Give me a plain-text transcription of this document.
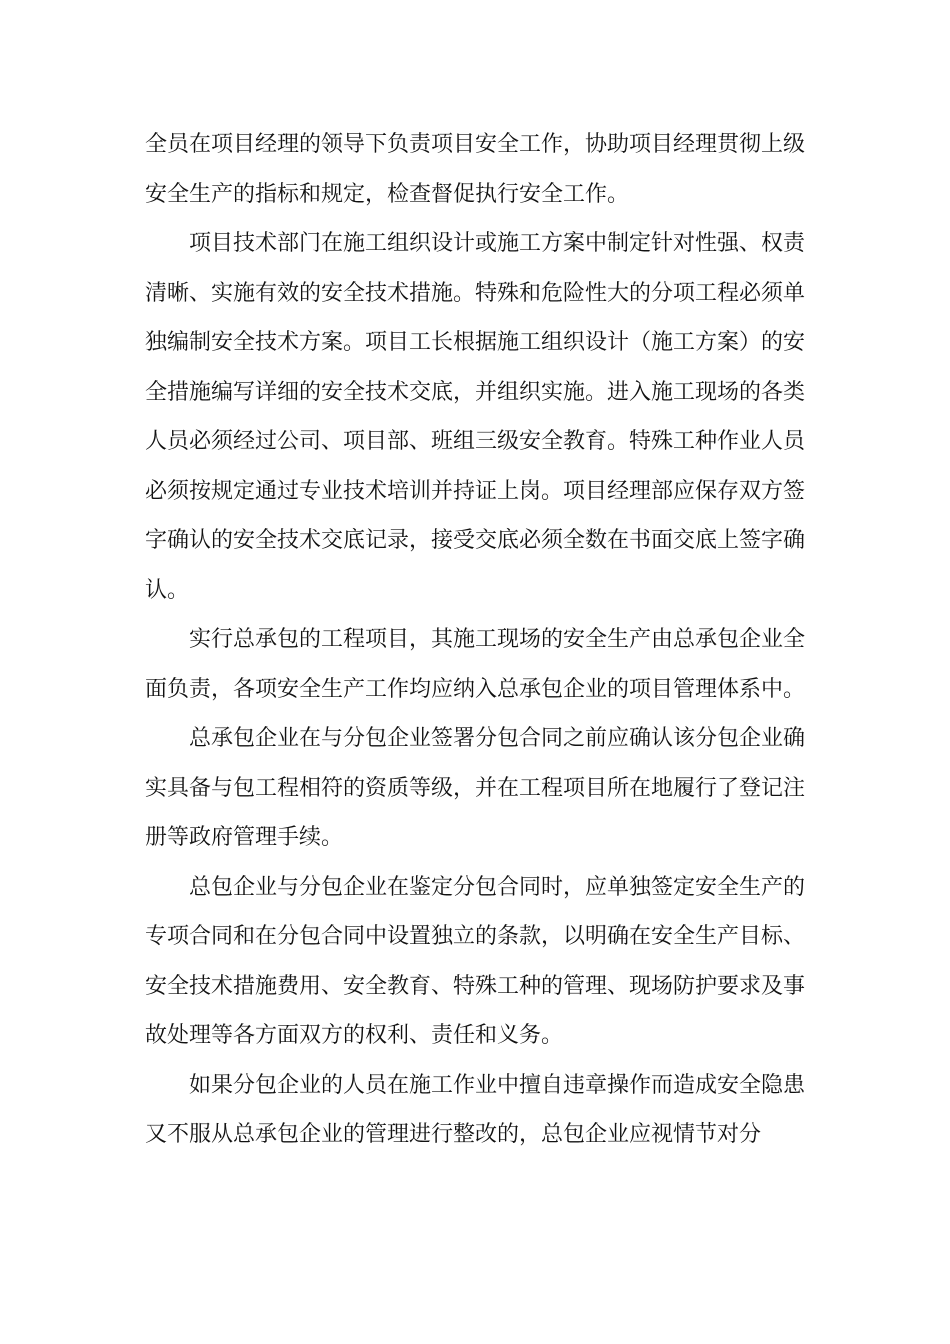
全员在项目经理的领导下负责项目安全工作，协助项目经理贯彻上级安全生产的指标和规定，检查督促执行安全工作。

项目技术部门在施工组织设计或施工方案中制定针对性强、权责清晰、实施有效的安全技术措施。特殊和危险性大的分项工程必须单独编制安全技术方案。项目工长根据施工组织设计（施工方案）的安全措施编写详细的安全技术交底，并组织实施。进入施工现场的各类人员必须经过公司、项目部、班组三级安全教育。特殊工种作业人员必须按规定通过专业技术培训并持证上岗。项目经理部应保存双方签字确认的安全技术交底记录，接受交底必须全数在书面交底上签字确认。

实行总承包的工程项目，其施工现场的安全生产由总承包企业全面负责，各项安全生产工作均应纳入总承包企业的项目管理体系中。

总承包企业在与分包企业签署分包合同之前应确认该分包企业确实具备与包工程相符的资质等级，并在工程项目所在地履行了登记注册等政府管理手续。

总包企业与分包企业在鉴定分包合同时，应单独签定安全生产的专项合同和在分包合同中设置独立的条款，以明确在安全生产目标、安全技术措施费用、安全教育、特殊工种的管理、现场防护要求及事故处理等各方面双方的权利、责任和义务。

如果分包企业的人员在施工作业中擅自违章操作而造成安全隐患又不服从总承包企业的管理进行整改的，总包企业应视情节对分
